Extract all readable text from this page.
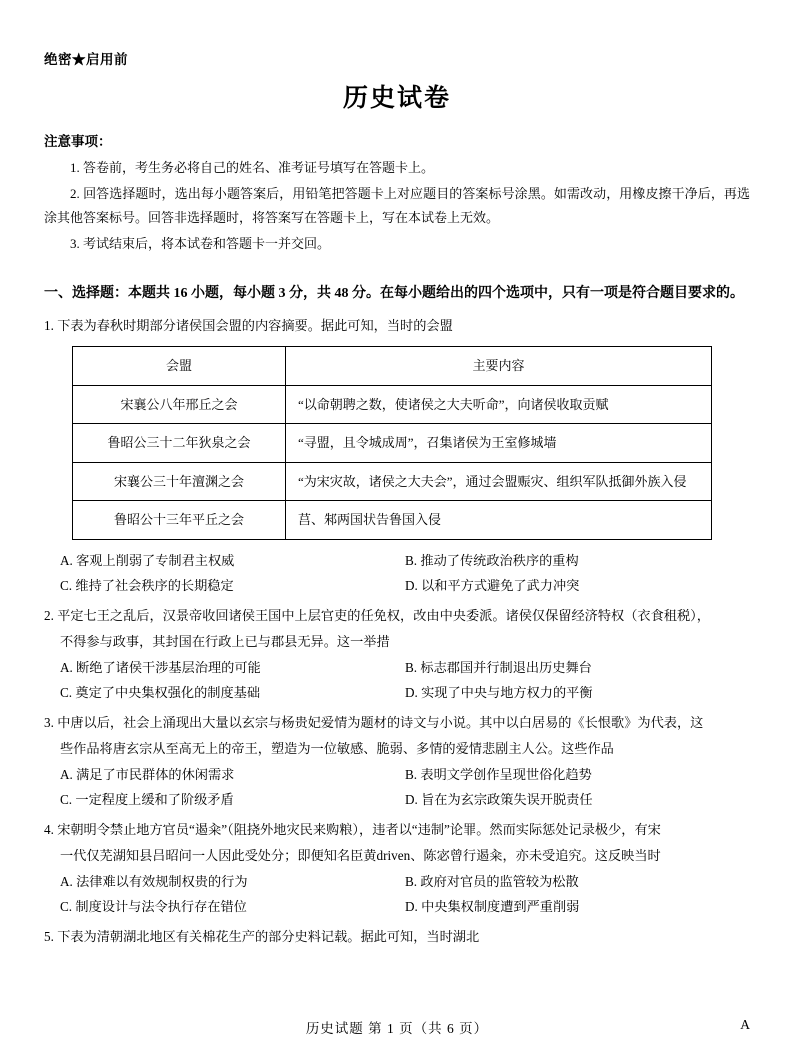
绝密★启用前
历史试卷
注意事项：
1. 答卷前，考生务必将自己的姓名、准考证号填写在答题卡上。
2. 回答选择题时，选出每小题答案后，用铅笔把答题卡上对应题目的答案标号涂黑。如需改动，用橡皮擦干净后，再选涂其他答案标号。回答非选择题时，将答案写在答题卡上，写在本试卷上无效。
3. 考试结束后，将本试卷和答题卡一并交回。
一、选择题：本题共 16 小题，每小题 3 分，共 48 分。在每小题给出的四个选项中，只有一项是符合题目要求的。
1. 下表为春秋时期部分诸侯国会盟的内容摘要。据此可知，当时的会盟
会盟	主要内容
宋襄公八年邢丘之会	“以命朝聘之数，使诸侯之大夫听命”，向诸侯收取贡赋
鲁昭公三十二年狄泉之会	“寻盟，且令城成周”，召集诸侯为王室修城墙
宋襄公三十年澶渊之会	“为宋灾故，诸侯之大夫会”，通过会盟赈灾、组织军队抵御外族入侵
鲁昭公十三年平丘之会	莒、邾两国状告鲁国入侵
A. 客观上削弱了专制君主权威	B. 推动了传统政治秩序的重构
C. 维持了社会秩序的长期稳定	D. 以和平方式避免了武力冲突
2. 平定七王之乱后，汉景帝收回诸侯王国中上层官吏的任免权，改由中央委派。诸侯仅保留经济特权（衣食租税），
不得参与政事，其封国在行政上已与郡县无异。这一举措
A. 断绝了诸侯干涉基层治理的可能	B. 标志郡国并行制退出历史舞台
C. 奠定了中央集权强化的制度基础	D. 实现了中央与地方权力的平衡
3. 中唐以后，社会上涌现出大量以玄宗与杨贵妃爱情为题材的诗文与小说。其中以白居易的《长恨歌》为代表，这
些作品将唐玄宗从至高无上的帝王，塑造为一位敏感、脆弱、多情的爱情悲剧主人公。这些作品
A. 满足了市民群体的休闲需求	B. 表明文学创作呈现世俗化趋势
C. 一定程度上缓和了阶级矛盾	D. 旨在为玄宗政策失误开脱责任
4. 宋朝明令禁止地方官员“遏籴”（阻挠外地灾民来购粮），违者以“违制”论罪。然而实际惩处记录极少，有宋
一代仅芜湖知县吕昭问一人因此受处分；即便知名臣黄driven、陈宓曾行遏籴，亦未受追究。这反映当时
A. 法律难以有效规制权贵的行为	B. 政府对官员的监管较为松散
C. 制度设计与法令执行存在错位	D. 中央集权制度遭到严重削弱
5. 下表为清朝湖北地区有关棉花生产的部分史料记载。据此可知，当时湖北
历史试题 第 1 页（共 6 页）	A
